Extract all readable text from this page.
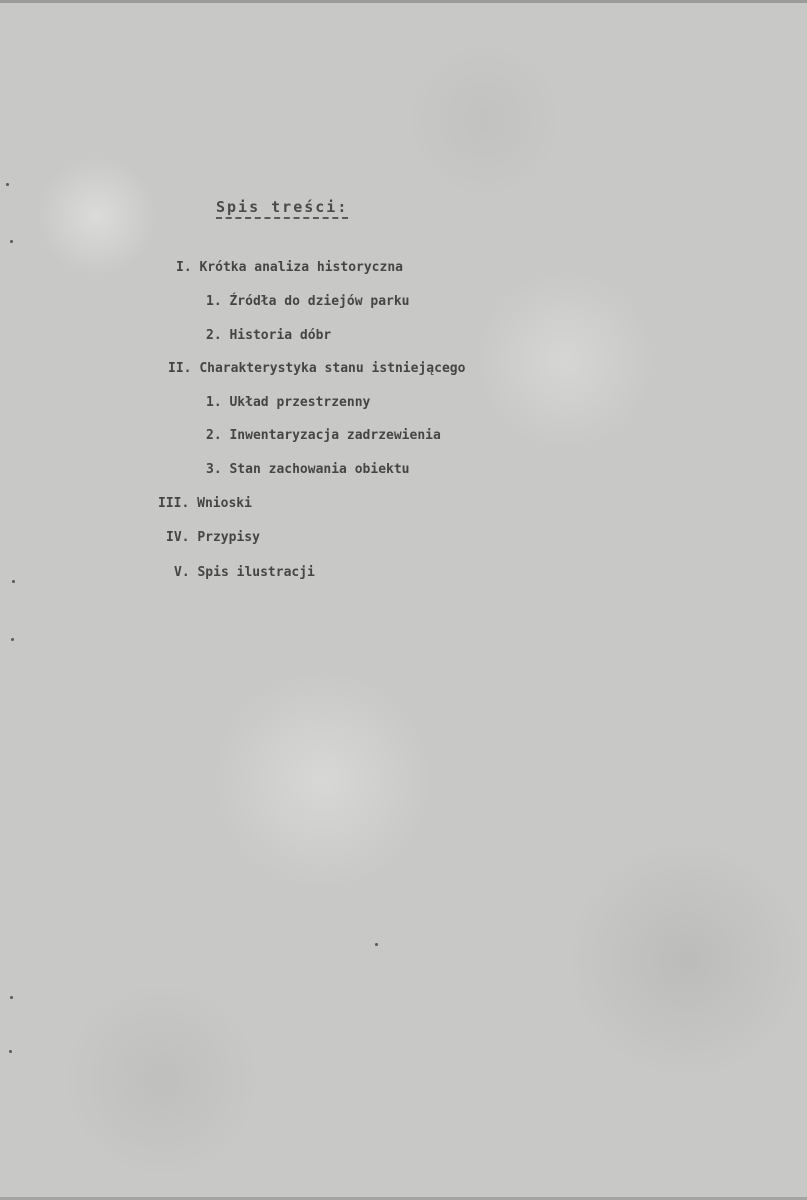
Spis treści:
I. Krótka analiza historyczna
1. Źródła do dziejów parku
2. Historia dóbr
II. Charakterystyka stanu istniejącego
1. Układ przestrzenny
2. Inwentaryzacja zadrzewienia
3. Stan zachowania obiektu
III. Wnioski
IV. Przypisy
V. Spis ilustracji
